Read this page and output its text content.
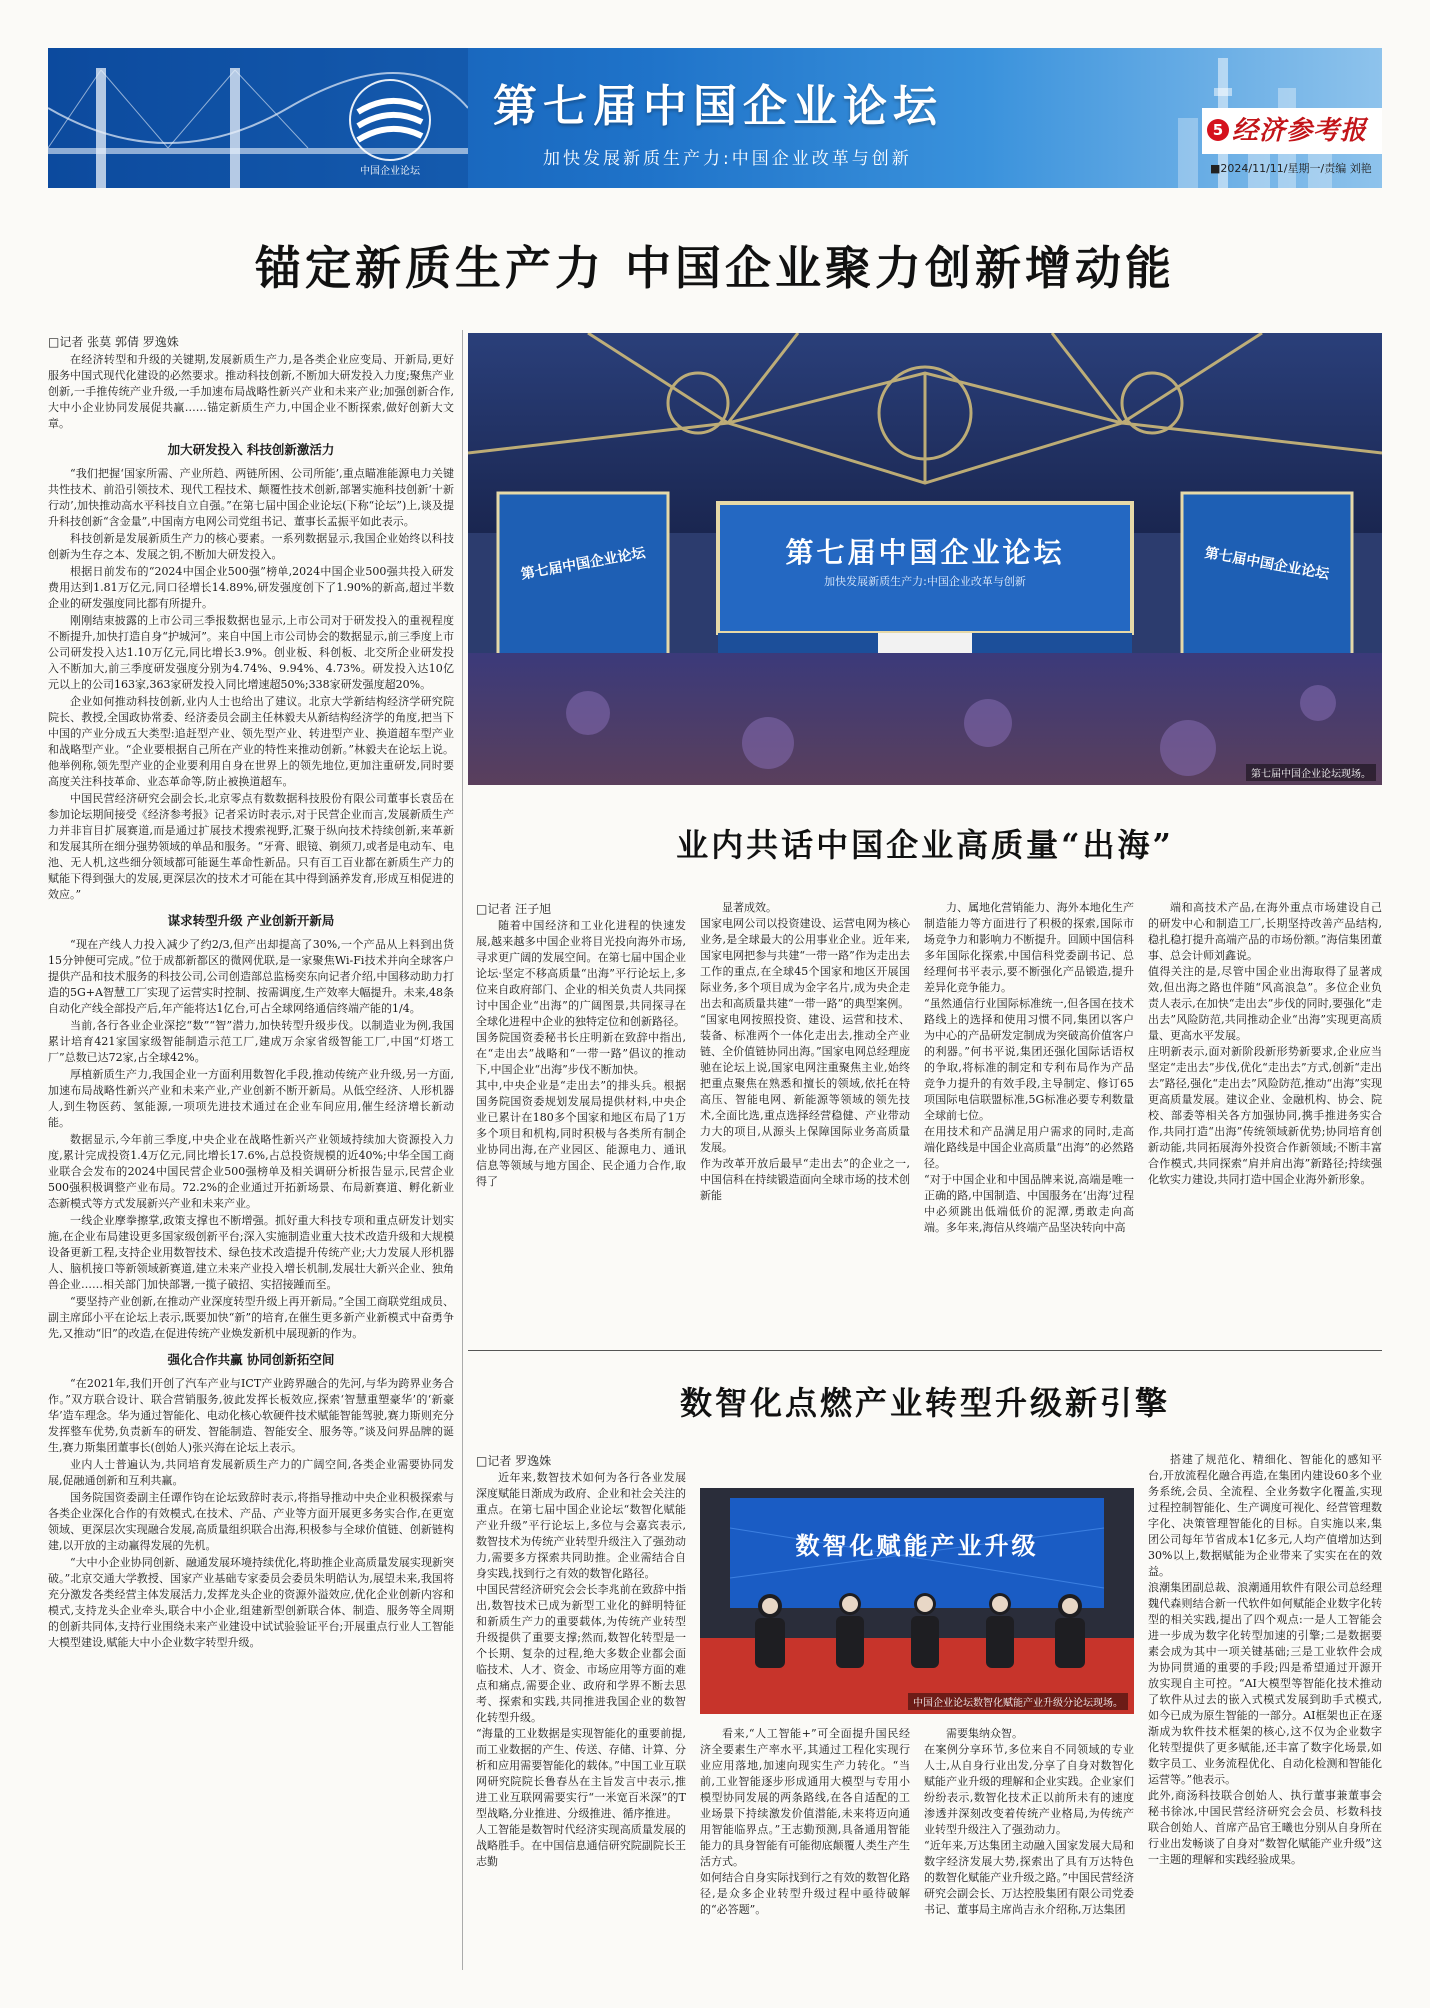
中国企业论坛
第七届中国企业论坛
加快发展新质生产力:中国企业改革与创新
5 经济参考报
■2024/11/11/星期一/责编 刘艳
锚定新质生产力 中国企业聚力创新增动能
□记者 张莫 郭倩 罗逸姝

在经济转型和升级的关键期,发展新质生产力,是各类企业应变局、开新局,更好服务中国式现代化建设的必然要求。推动科技创新,不断加大研发投入力度;聚焦产业创新,一手推传统产业升级,一手加速布局战略性新兴产业和未来产业;加强创新合作,大中小企业协同发展促共赢……锚定新质生产力,中国企业不断探索,做好创新大文章。

加大研发投入 科技创新激活力

“我们把握‘国家所需、产业所趋、两链所困、公司所能’,重点瞄准能源电力关键共性技术、前沿引领技术、现代工程技术、颠覆性技术创新,部署实施科技创新‘十新行动’,加快推动高水平科技自立自强。”在第七届中国企业论坛(下称“论坛”)上,谈及提升科技创新“含金量”,中国南方电网公司党组书记、董事长孟振平如此表示。

科技创新是发展新质生产力的核心要素。一系列数据显示,我国企业始终以科技创新为生存之本、发展之钥,不断加大研发投入。

根据日前发布的“2024中国企业500强”榜单,2024中国企业500强共投入研发费用达到1.81万亿元,同口径增长14.89%,研发强度创下了1.90%的新高,超过半数企业的研发强度同比都有所提升。

刚刚结束披露的上市公司三季报数据也显示,上市公司对于研发投入的重视程度不断提升,加快打造自身“护城河”。来自中国上市公司协会的数据显示,前三季度上市公司研发投入达1.10万亿元,同比增长3.9%。创业板、科创板、北交所企业研发投入不断加大,前三季度研发强度分别为4.74%、9.94%、4.73%。研发投入达10亿元以上的公司163家,363家研发投入同比增速超50%;338家研发强度超20%。

企业如何推动科技创新,业内人士也给出了建议。北京大学新结构经济学研究院院长、教授,全国政协常委、经济委员会副主任林毅夫从新结构经济学的角度,把当下中国的产业分成五大类型:追赶型产业、领先型产业、转进型产业、换道超车型产业和战略型产业。“企业要根据自己所在产业的特性来推动创新。”林毅夫在论坛上说。他举例称,领先型产业的企业要利用自身在世界上的领先地位,更加注重研发,同时要高度关注科技革命、业态革命等,防止被换道超车。

中国民营经济研究会副会长,北京零点有数数据科技股份有限公司董事长袁岳在参加论坛期间接受《经济参考报》记者采访时表示,对于民营企业而言,发展新质生产力并非盲目扩展赛道,而是通过扩展技术搜索视野,汇聚于纵向技术持续创新,来革新和发展其所在细分强势领域的单品和服务。“牙膏、眼镜、剃须刀,或者是电动车、电池、无人机,这些细分领域都可能诞生革命性新品。只有百工百业都在新质生产力的赋能下得到强大的发展,更深层次的技术才可能在其中得到涵养发育,形成互相促进的效应。”

谋求转型升级 产业创新开新局

“现在产线人力投入减少了约2/3,但产出却提高了30%,一个产品从上料到出货15分钟便可完成。”位于成都新都区的微网优联,是一家聚焦Wi-Fi技术并向全球客户提供产品和技术服务的科技公司,公司创造部总监杨奕东向记者介绍,中国移动助力打造的5G+A智慧工厂实现了运营实时控制、按需调度,生产效率大幅提升。未来,48条自动化产线全部投产后,年产能将达1亿台,可占全球网络通信终端产能的1/4。

当前,各行各业企业深挖“数”“智”潜力,加快转型升级步伐。以制造业为例,我国累计培育421家国家级智能制造示范工厂,建成万余家省级智能工厂,中国“灯塔工厂”总数已达72家,占全球42%。

厚植新质生产力,我国企业一方面利用数智化手段,推动传统产业升级,另一方面,加速布局战略性新兴产业和未来产业,产业创新不断开新局。从低空经济、人形机器人,到生物医药、氢能源,一项项先进技术通过在企业车间应用,催生经济增长新动能。

数据显示,今年前三季度,中央企业在战略性新兴产业领域持续加大资源投入力度,累计完成投资1.4万亿元,同比增长17.6%,占总投资规模的近40%;中华全国工商业联合会发布的2024中国民营企业500强榜单及相关调研分析报告显示,民营企业500强积极调整产业布局。72.2%的企业通过开拓新场景、布局新赛道、孵化新业态新模式等方式发展新兴产业和未来产业。

一线企业摩拳擦掌,政策支撑也不断增强。抓好重大科技专项和重点研发计划实施,在企业布局建设更多国家级创新平台;深入实施制造业重大技术改造升级和大规模设备更新工程,支持企业用数智技术、绿色技术改造提升传统产业;大力发展人形机器人、脑机接口等新领域新赛道,建立未来产业投入增长机制,发展壮大新兴企业、独角兽企业……相关部门加快部署,一揽子破招、实招接踵而至。

“要坚持产业创新,在推动产业深度转型升级上再开新局。”全国工商联党组成员、副主席邱小平在论坛上表示,既要加快“新”的培育,在催生更多新产业新模式中奋勇争先,又推动“旧”的改造,在促进传统产业焕发新机中展现新的作为。

强化合作共赢 协同创新拓空间

“在2021年,我们开创了汽车产业与ICT产业跨界融合的先河,与华为跨界业务合作。”双方联合设计、联合营销服务,彼此发挥长板效应,探索‘智慧重塑豪华’的‘新豪华’造车理念。华为通过智能化、电动化核心软硬件技术赋能智能驾驶,赛力斯则充分发挥整车优势,负责新车的研发、智能制造、智能安全、服务等。”谈及问界品牌的诞生,赛力斯集团董事长(创始人)张兴海在论坛上表示。

业内人士普遍认为,共同培育发展新质生产力的广阔空间,各类企业需要协同发展,促融通创新和互利共赢。

国务院国资委副主任谭作钧在论坛致辞时表示,将指导推动中央企业积极探索与各类企业深化合作的有效模式,在技术、产品、产业等方面开展更多务实合作,在更宽领域、更深层次实现融合发展,高质量组织联合出海,积极参与全球价值链、创新链构建,以开放的主动赢得发展的先机。

“大中小企业协同创新、融通发展环境持续优化,将助推企业高质量发展实现新突破。”北京交通大学教授、国家产业基础专家委员会委员朱明皓认为,展望未来,我国将充分激发各类经营主体发展活力,发挥龙头企业的资源外溢效应,优化企业创新内容和模式,支持龙头企业牵头,联合中小企业,组建新型创新联合体、制造、服务等全周期的创新共同体,支持行业围绕未来产业建设中试试验验证平台;开展重点行业人工智能大模型建设,赋能大中小企业数字转型升级。

第七届中国企业论坛
加快发展新质生产力:中国企业改革与创新
第七届中国企业论坛	第七届中国企业论坛
第七届中国企业论坛现场。
业内共话中国企业高质量“出海”
□记者 汪子旭
随着中国经济和工业化进程的快速发展,越来越多中国企业将目光投向海外市场,寻求更广阔的发展空间。在第七届中国企业论坛·坚定不移高质量“出海”平行论坛上,多位来自政府部门、企业的相关负责人共同探讨中国企业“出海”的广阔图景,共同探寻在全球化进程中企业的独特定位和创新路径。
国务院国资委秘书长庄明新在致辞中指出,在“走出去”战略和“一带一路”倡议的推动下,中国企业“出海”步伐不断加快。
其中,中央企业是“走出去”的排头兵。根据国务院国资委规划发展局提供材料,中央企业已累计在180多个国家和地区布局了1万多个项目和机构,同时积极与各类所有制企业协同出海,在产业园区、能源电力、通讯信息等领域与地方国企、民企通力合作,取得了
显著成效。
国家电网公司以投资建设、运营电网为核心业务,是全球最大的公用事业企业。近年来,国家电网把参与共建“一带一路”作为走出去工作的重点,在全球45个国家和地区开展国际业务,多个项目成为金字名片,成为央企走出去和高质量共建“一带一路”的典型案例。
“国家电网按照投资、建设、运营和技术、装备、标准两个一体化走出去,推动全产业链、全价值链协同出海。”国家电网总经理庞驰在论坛上说,国家电网注重聚焦主业,始终把重点聚焦在熟悉和擅长的领域,依托在特高压、智能电网、新能源等领域的领先技术,全面比选,重点选择经营稳健、产业带动力大的项目,从源头上保障国际业务高质量发展。
作为改革开放后最早“走出去”的企业之一,中国信科在持续锻造面向全球市场的技术创新能
力、属地化营销能力、海外本地化生产制造能力等方面进行了积极的探索,国际市场竞争力和影响力不断提升。回顾中国信科多年国际化探索,中国信科党委副书记、总经理何书平表示,要不断强化产品锻造,提升差异化竞争能力。
“虽然通信行业国际标准统一,但各国在技术路线上的选择和使用习惯不同,集团以客户为中心的产品研发定制成为突破高价值客户的利器。”何书平说,集团还强化国际话语权的争取,将标准的制定和专利布局作为产品竞争力提升的有效手段,主导制定、修订65项国际电信联盟标准,5G标准必要专利数量全球前七位。
在用技术和产品满足用户需求的同时,走高端化路线是中国企业高质量“出海”的必然路径。
“对于中国企业和中国品牌来说,高端是唯一正确的路,中国制造、中国服务在‘出海’过程中必须跳出低端低价的泥潭,勇敢走向高端。多年来,海信从终端产品坚决转向中高
端和高技术产品,在海外重点市场建设自己的研发中心和制造工厂,长期坚持改善产品结构,稳扎稳打提升高端产品的市场份额。”海信集团董事、总会计师刘鑫说。
值得关注的是,尽管中国企业出海取得了显著成效,但出海之路也伴随“风高浪急”。多位企业负责人表示,在加快“走出去”步伐的同时,要强化“走出去”风险防范,共同推动企业“出海”实现更高质量、更高水平发展。
庄明新表示,面对新阶段新形势新要求,企业应当坚定“走出去”步伐,优化“走出去”方式,创新“走出去”路径,强化“走出去”风险防范,推动“出海”实现更高质量发展。建议企业、金融机构、协会、院校、部委等相关各方加强协同,携手推进务实合作,共同打造“出海”传统领域新优势;协同培育创新动能,共同拓展海外投资合作新领域;不断丰富合作模式,共同探索“肩并肩出海”新路径;持续强化软实力建设,共同打造中国企业海外新形象。
数智化点燃产业转型升级新引擎
□记者 罗逸姝
近年来,数智技术如何为各行各业发展深度赋能日渐成为政府、企业和社会关注的重点。在第七届中国企业论坛“数智化赋能产业升级”平行论坛上,多位与会嘉宾表示,数智技术为传统产业转型升级注入了强劲动力,需要多方探索共同助推。企业需结合自身实践,找到行之有效的数智化路径。
中国民营经济研究会会长李兆前在致辞中指出,数智技术已成为新型工业化的鲜明特征和新质生产力的重要载体,为传统产业转型升级提供了重要支撑;然而,数智化转型是一个长期、复杂的过程,绝大多数企业都会面临技术、人才、资金、市场应用等方面的难点和痛点,需要企业、政府和学界不断去思考、探索和实践,共同推进我国企业的数智化转型升级。
“海量的工业数据是实现智能化的重要前提,而工业数据的产生、传送、存储、计算、分析和应用需要智能化的载体。”中国工业互联网研究院院长鲁春丛在主旨发言中表示,推进工业互联网需要实行“一米宽百米深”的T型战略,分业推进、分级推进、循序推进。
人工智能是数智时代经济实现高质量发展的战略胜手。在中国信息通信研究院副院长王志勤
数智化赋能产业升级
中国企业论坛数智化赋能产业升级分论坛现场。
看来,“人工智能+”可全面提升国民经济全要素生产率水平,其通过工程化实现行业应用落地,加速向现实生产力转化。“当前,工业智能逐步形成通用大模型与专用小模型协同发展的两条路线,在各自适配的工业场景下持续激发价值潜能,未来将迈向通用智能临界点。”王志勤预测,具备通用智能能力的具身智能有可能彻底颠覆人类生产生活方式。
如何结合自身实际找到行之有效的数智化路径,是众多企业转型升级过程中亟待破解的“必答题”。
需要集纳众智。
在案例分享环节,多位来自不同领域的专业人士,从自身行业出发,分享了自身对数智化赋能产业升级的理解和企业实践。企业家们纷纷表示,数智化技术正以前所未有的速度渗透并深刻改变着传统产业格局,为传统产业转型升级注入了强劲动力。
“近年来,万达集团主动融入国家发展大局和数字经济发展大势,探索出了具有万达特色的数智化赋能产业升级之路。”中国民营经济研究会副会长、万达控股集团有限公司党委书记、董事局主席尚吉永介绍称,万达集团
搭建了规范化、精细化、智能化的感知平台,开放流程化融合再造,在集团内建设60多个业务系统,会员、全流程、全业务数字化覆盖,实现过程控制智能化、生产调度可视化、经营管理数字化、决策管理智能化的目标。自实施以来,集团公司每年节省成本1亿多元,人均产值增加达到30%以上,数据赋能为企业带来了实实在在的效益。
浪潮集团副总裁、浪潮通用软件有限公司总经理魏代森则结合新一代软件如何赋能企业数字化转型的相关实践,提出了四个观点:一是人工智能会进一步成为数字化转型加速的引擎;二是数据要素会成为其中一项关键基础;三是工业软件会成为协同贯通的重要的手段;四是希望通过开源开放实现自主可控。“AI大模型等智能化技术推动了软件从过去的嵌入式模式发展到助手式模式,如今已成为原生智能的一部分。AI框架也正在逐渐成为软件技术框架的核心,这不仅为企业数字化转型提供了更多赋能,还丰富了数字化场景,如数字员工、业务流程优化、自动化检测和智能化运营等。”他表示。
此外,商汤科技联合创始人、执行董事兼董事会秘书徐冰,中国民营经济研究会会员、杉数科技联合创始人、首席产品官王曦也分别从自身所在行业出发畅谈了自身对“数智化赋能产业升级”这一主题的理解和实践经验成果。
